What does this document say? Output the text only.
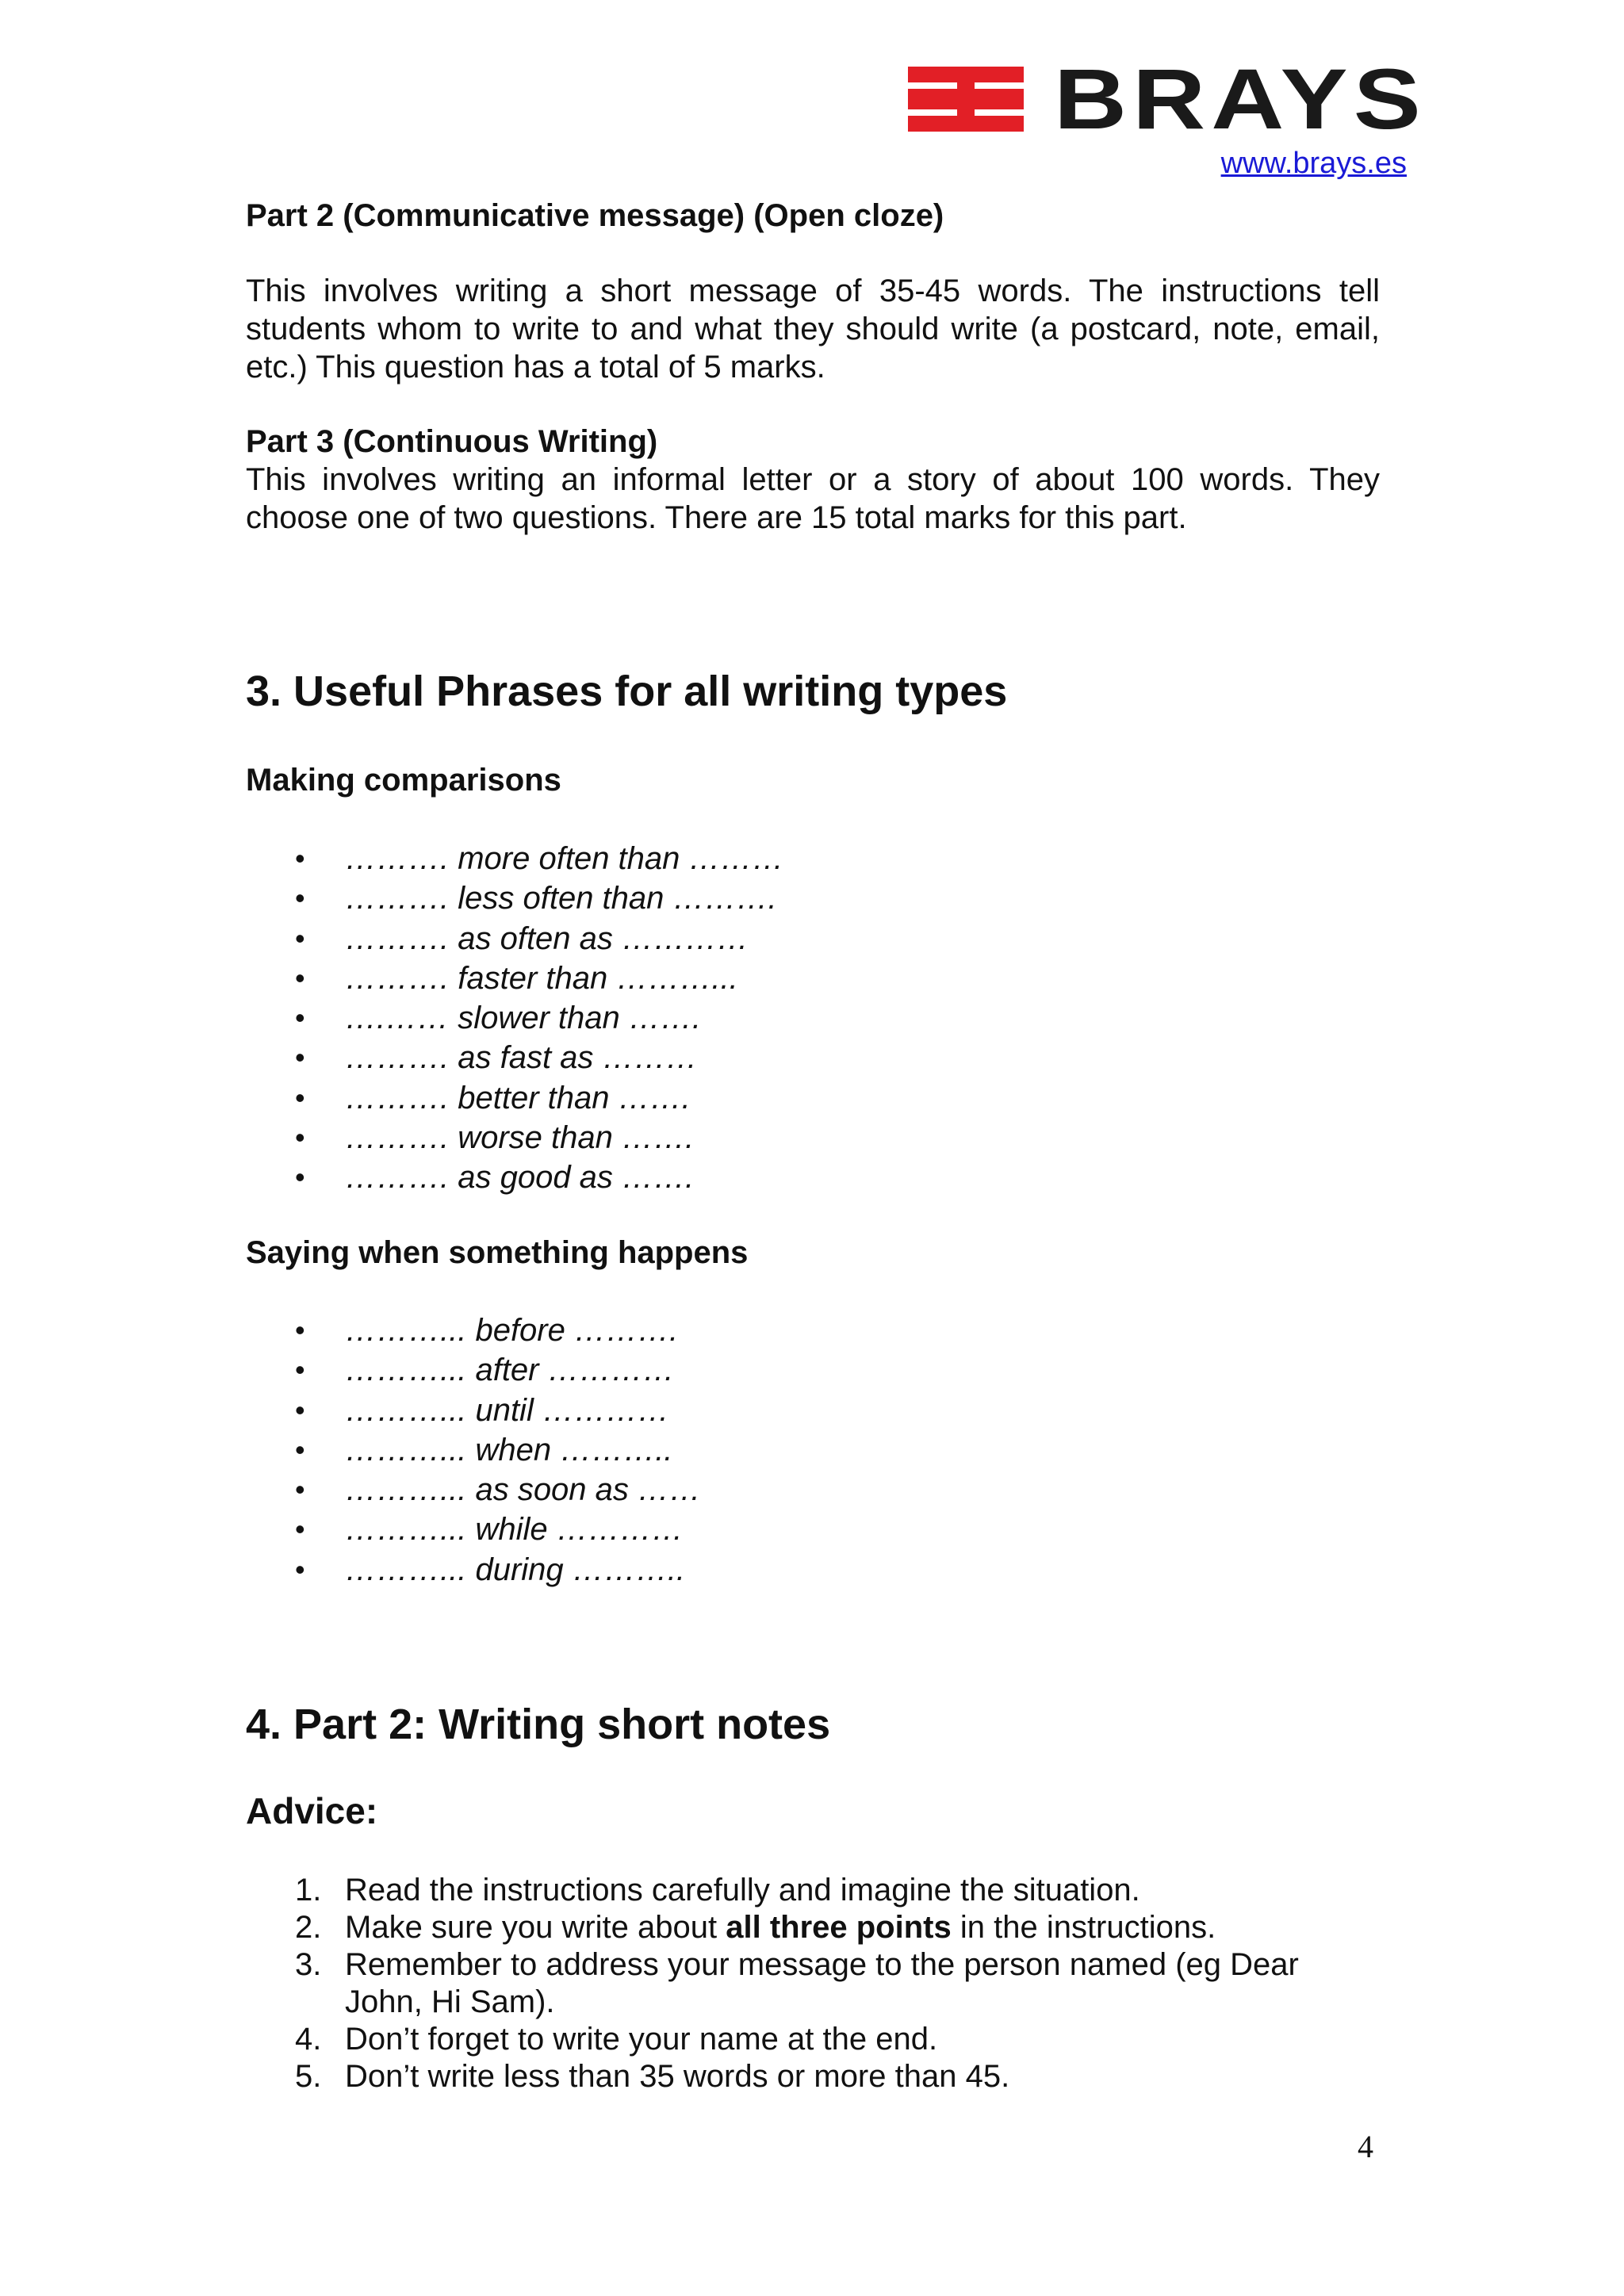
BRAYS
www.brays.es

Part 2 (Communicative message) (Open cloze)

This involves writing a short message of 35-45 words. The instructions tell students whom to write to and what they should write (a postcard, note, email, etc.) This question has a total of 5 marks.

Part 3 (Continuous Writing)

This involves writing an informal letter or a story of about 100 words. They choose one of two questions. There are 15 total marks for this part.

3. Useful Phrases for all writing types

Making comparisons

• ………. more often than ………
• ………. less often than ……….
• ………. as often as …………
• ………. faster than ………...
• ….…… slower than …….
• ………. as fast as ………
• ………. better than …….
• ………. worse than …….
• ………. as good as …….

Saying when something happens

• ………... before ……….
• ………... after …………
• ………... until …………
• ………... when ………..
• ………... as soon as ……
• ………... while …………
• ………... during ………..
4. Part 2: Writing short notes
Advice:
1. Read the instructions carefully and imagine the situation.
2. Make sure you write about all three points in the instructions.
3. Remember to address your message to the person named (eg Dear
John, Hi Sam).
4. Don’t forget to write your name at the end.
5. Don’t write less than 35 words or more than 45.
4
